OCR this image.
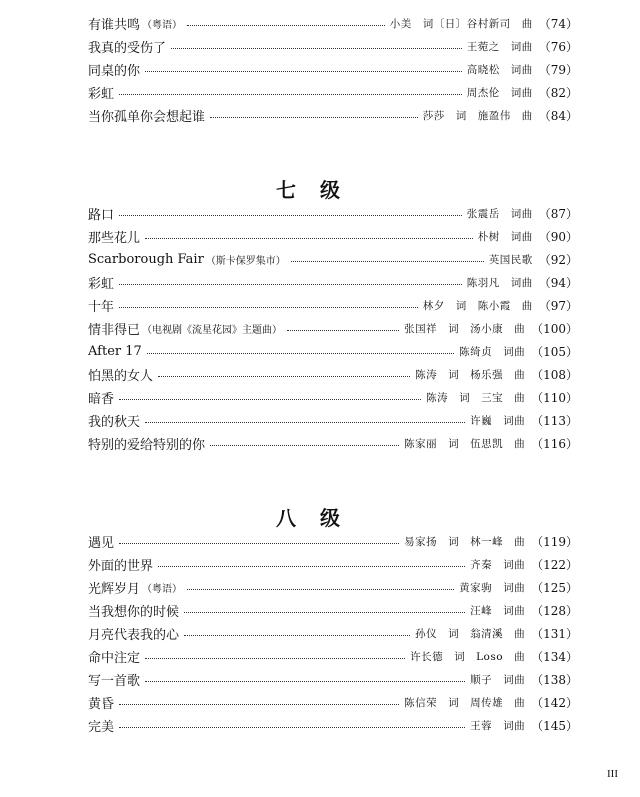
有谁共鸣 （粤语）	小美　词〔日〕谷村新司　曲 （74）
我真的受伤了	王菀之　词曲 （76）
同桌的你	高晓松　词曲 （79）
彩虹	周杰伦　词曲 （82）
当你孤单你会想起谁	莎莎　词　施盈伟　曲 （84）
七级
路口	张震岳　词曲 （87）
那些花儿	朴树　词曲 （90）
Scarborough Fair （斯卡保罗集市）	英国民歌 （92）
彩虹	陈羽凡　词曲 （94）
十年	林夕　词　陈小霞　曲 （97）
情非得已 （电视剧《流星花园》主题曲）	张国祥　词　汤小康　曲 （100）
After 17	陈绮贞　词曲 （105）
怕黑的女人	陈涛　词　杨乐强　曲 （108）
暗香	陈涛　词　三宝　曲 （110）
我的秋天	许巍　词曲 （113）
特别的爱给特别的你	陈家丽　词　伍思凯　曲 （116）
八级
遇见	易家扬　词　林一峰　曲 （119）
外面的世界	齐秦　词曲 （122）
光辉岁月 （粤语）	黄家驹　词曲 （125）
当我想你的时候	汪峰　词曲 （128）
月亮代表我的心	孙仪　词　翁清溪　曲 （131）
命中注定	许长德　词　Loso　曲 （134）
写一首歌	顺子　词曲 （138）
黄昏	陈信荣　词　周传雄　曲 （142）
完美	王蓉　词曲 （145）
III
